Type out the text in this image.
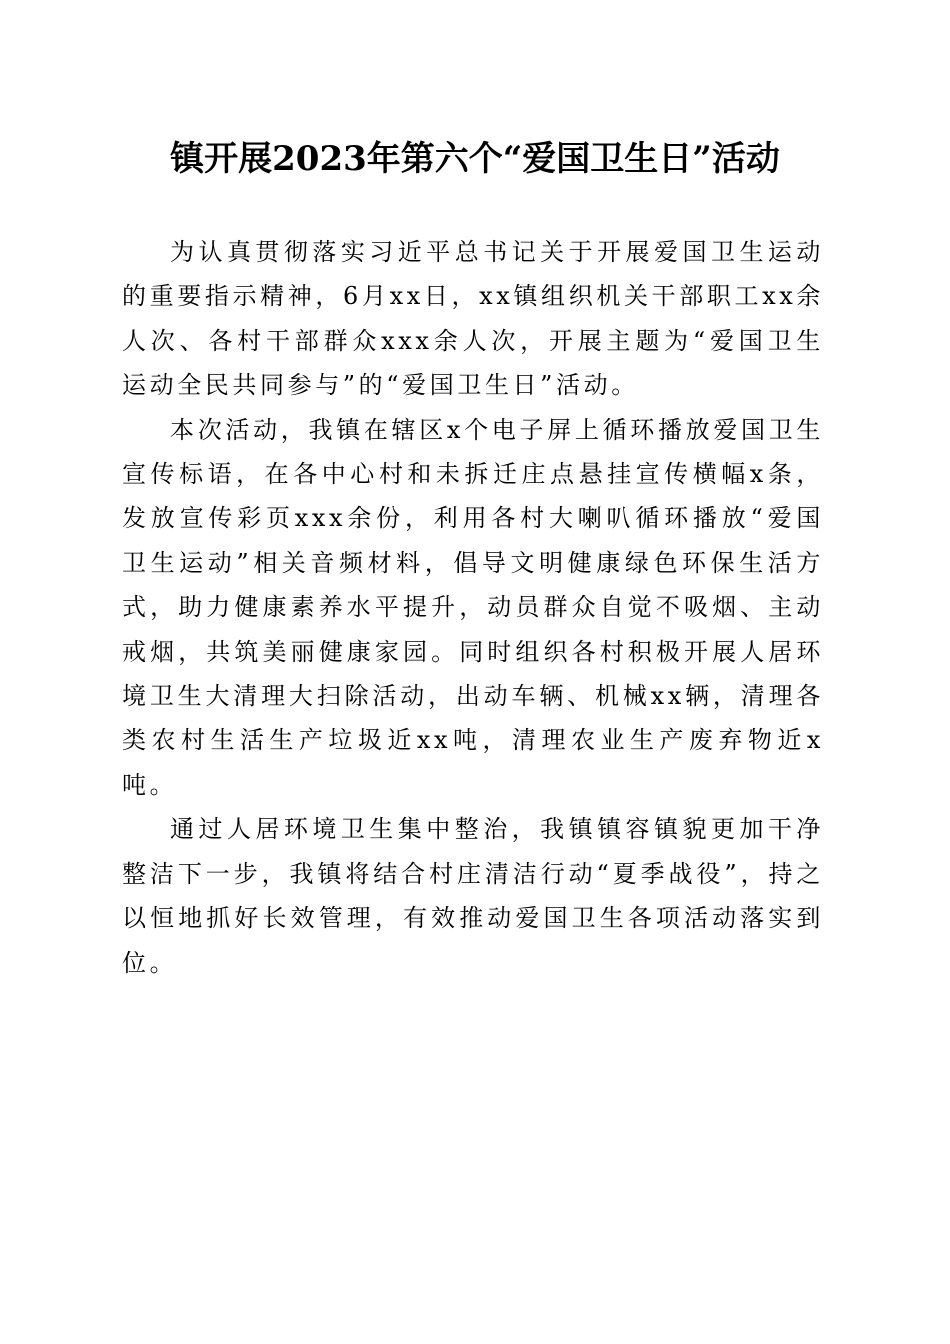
镇开展2023年第六个“爱国卫生日”活动

为认真贯彻落实习近平总书记关于开展爱国卫生运动的重要指示精神，6月xx日，xx镇组织机关干部职工xx余人次、各村干部群众xxx余人次，开展主题为“爱国卫生运动全民共同参与”的“爱国卫生日”活动。

本次活动，我镇在辖区x个电子屏上循环播放爱国卫生宣传标语，在各中心村和未拆迁庄点悬挂宣传横幅x条，发放宣传彩页xxx余份，利用各村大喇叭循环播放“爱国卫生运动”相关音频材料，倡导文明健康绿色环保生活方式，助力健康素养水平提升，动员群众自觉不吸烟、主动戒烟，共筑美丽健康家园。同时组织各村积极开展人居环境卫生大清理大扫除活动，出动车辆、机械xx辆，清理各类农村生活生产垃圾近xx吨，清理农业生产废弃物近x吨。

通过人居环境卫生集中整治，我镇镇容镇貌更加干净整洁下一步，我镇将结合村庄清洁行动“夏季战役”，持之以恒地抓好长效管理，有效推动爱国卫生各项活动落实到位。
